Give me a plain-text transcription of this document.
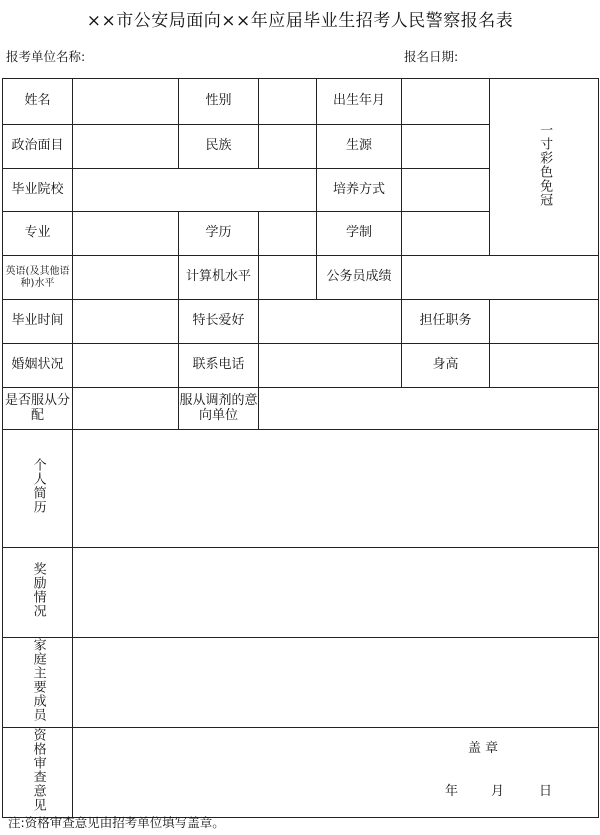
××市公安局面向××年应届毕业生招考人民警察报名表
报考单位名称:	报名日期:
姓名		性别		出生年月		一寸彩色免冠
政治面目		民族		生源		
毕业院校				培养方式		
专业		学历		学制		
英语(及其他语种)水平		计算机水平		公务员成绩		
毕业时间		特长爱好			担任职务	
婚姻状况		联系电话			身高	
是否服从分配		服从调剂的意向单位				
个人简历						
奖励情况						
家庭主要成员						
资格审查意见	盖 章
年 月 日					
注:资格审查意见由招考单位填写盖章。
